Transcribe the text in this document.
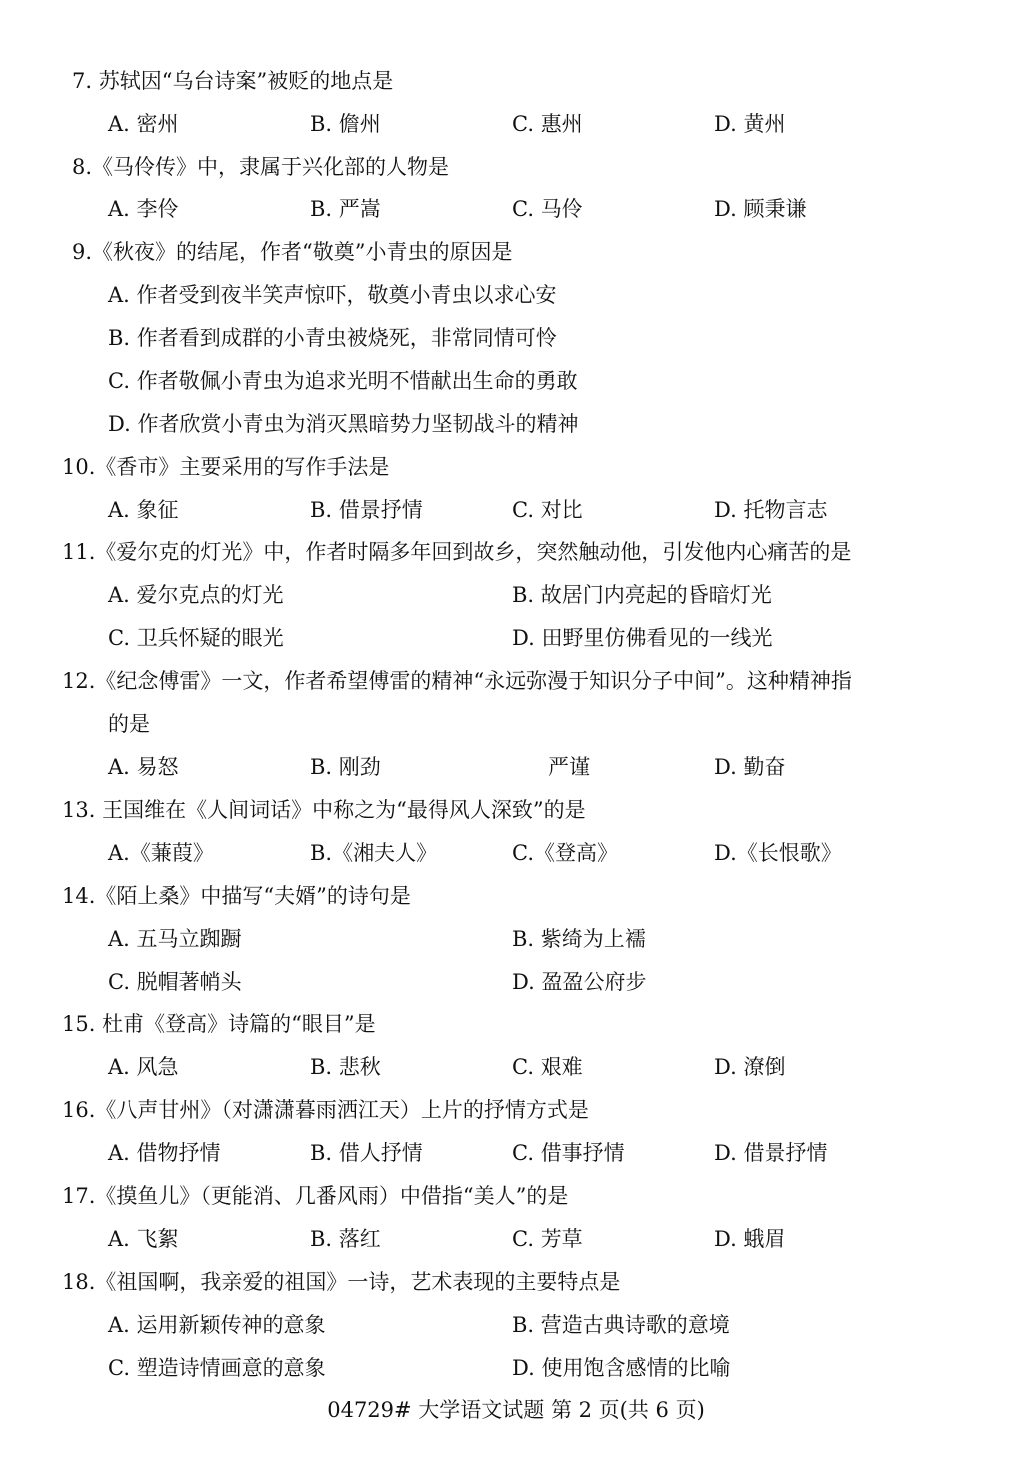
7. 苏轼因“乌台诗案”被贬的地点是
A. 密州	B. 儋州	C. 惠州	D. 黄州
8.《马伶传》中，隶属于兴化部的人物是
A. 李伶	B. 严嵩	C. 马伶	D. 顾秉谦
9.《秋夜》的结尾，作者“敬奠”小青虫的原因是
A. 作者受到夜半笑声惊吓，敬奠小青虫以求心安
B. 作者看到成群的小青虫被烧死，非常同情可怜
C. 作者敬佩小青虫为追求光明不惜献出生命的勇敢
D. 作者欣赏小青虫为消灭黑暗势力坚韧战斗的精神
10.《香市》主要采用的写作手法是
A. 象征	B. 借景抒情	C. 对比	D. 托物言志
11.《爱尔克的灯光》中，作者时隔多年回到故乡，突然触动他，引发他内心痛苦的是
A. 爱尔克点的灯光	B. 故居门内亮起的昏暗灯光
C. 卫兵怀疑的眼光	D. 田野里仿佛看见的一线光
12.《纪念傅雷》一文，作者希望傅雷的精神“永远弥漫于知识分子中间”。这种精神指
的是
A. 易怒	B. 刚劲	严谨	D. 勤奋
13. 王国维在《人间词话》中称之为“最得风人深致”的是
A.《蒹葭》	B.《湘夫人》	C.《登高》	D.《长恨歌》
14.《陌上桑》中描写“夫婿”的诗句是
A. 五马立踟蹰	B. 紫绮为上襦
C. 脱帽著帩头	D. 盈盈公府步
15. 杜甫《登高》诗篇的“眼目”是
A. 风急	B. 悲秋	C. 艰难	D. 潦倒
16.《八声甘州》（对潇潇暮雨洒江天）上片的抒情方式是
A. 借物抒情	B. 借人抒情	C. 借事抒情	D. 借景抒情
17.《摸鱼儿》（更能消、几番风雨）中借指“美人”的是
A. 飞絮	B. 落红	C. 芳草	D. 蛾眉
18.《祖国啊，我亲爱的祖国》一诗，艺术表现的主要特点是
A. 运用新颖传神的意象	B. 营造古典诗歌的意境
C. 塑造诗情画意的意象	D. 使用饱含感情的比喻
04729# 大学语文试题 第 2 页(共 6 页)
